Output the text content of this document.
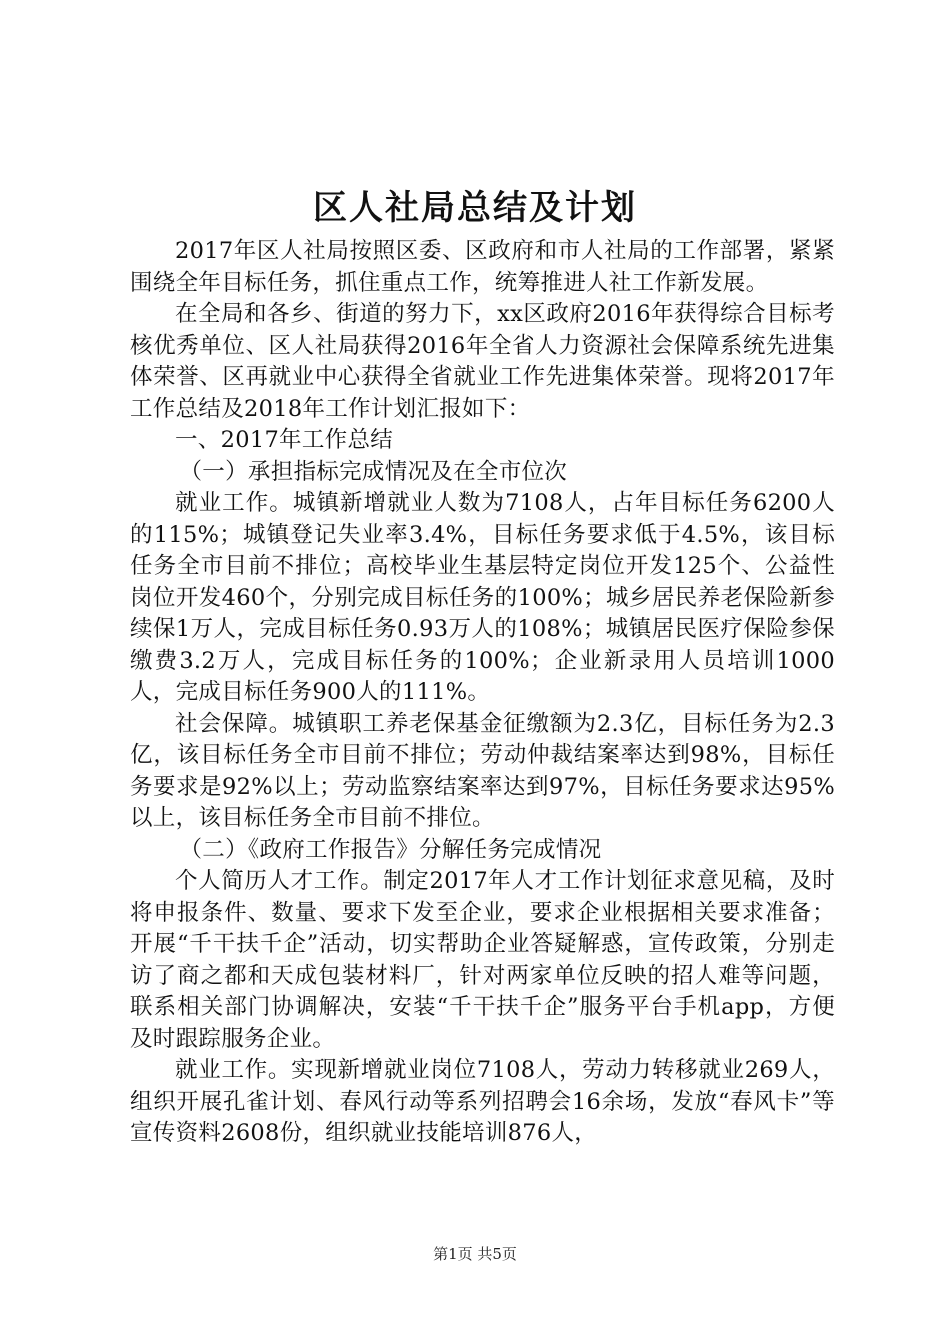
区人社局总结及计划

2017年区人社局按照区委、区政府和市人社局的工作部署，紧紧围绕全年目标任务，抓住重点工作，统筹推进人社工作新发展。

在全局和各乡、街道的努力下，xx区政府2016年获得综合目标考核优秀单位、区人社局获得2016年全省人力资源社会保障系统先进集体荣誉、区再就业中心获得全省就业工作先进集体荣誉。现将2017年工作总结及2018年工作计划汇报如下：

一、2017年工作总结

（一）承担指标完成情况及在全市位次

就业工作。城镇新增就业人数为7108人，占年目标任务6200人的115%；城镇登记失业率3.4%，目标任务要求低于4.5%，该目标任务全市目前不排位；高校毕业生基层特定岗位开发125个、公益性岗位开发460个，分别完成目标任务的100%；城乡居民养老保险新参续保1万人，完成目标任务0.93万人的108%；城镇居民医疗保险参保缴费3.2万人，完成目标任务的100%；企业新录用人员培训1000人，完成目标任务900人的111%。

社会保障。城镇职工养老保基金征缴额为2.3亿，目标任务为2.3亿，该目标任务全市目前不排位；劳动仲裁结案率达到98%，目标任务要求是92%以上；劳动监察结案率达到97%，目标任务要求达95%以上，该目标任务全市目前不排位。

（二）《政府工作报告》分解任务完成情况

个人简历人才工作。制定2017年人才工作计划征求意见稿，及时将申报条件、数量、要求下发至企业，要求企业根据相关要求准备；开展“千干扶千企”活动，切实帮助企业答疑解惑，宣传政策，分别走访了商之都和天成包装材料厂，针对两家单位反映的招人难等问题，联系相关部门协调解决，安装“千干扶千企”服务平台手机app，方便及时跟踪服务企业。

就业工作。实现新增就业岗位7108人，劳动力转移就业269人，组织开展孔雀计划、春风行动等系列招聘会16余场，发放“春风卡”等宣传资料2608份，组织就业技能培训876人，

第1页 共5页
